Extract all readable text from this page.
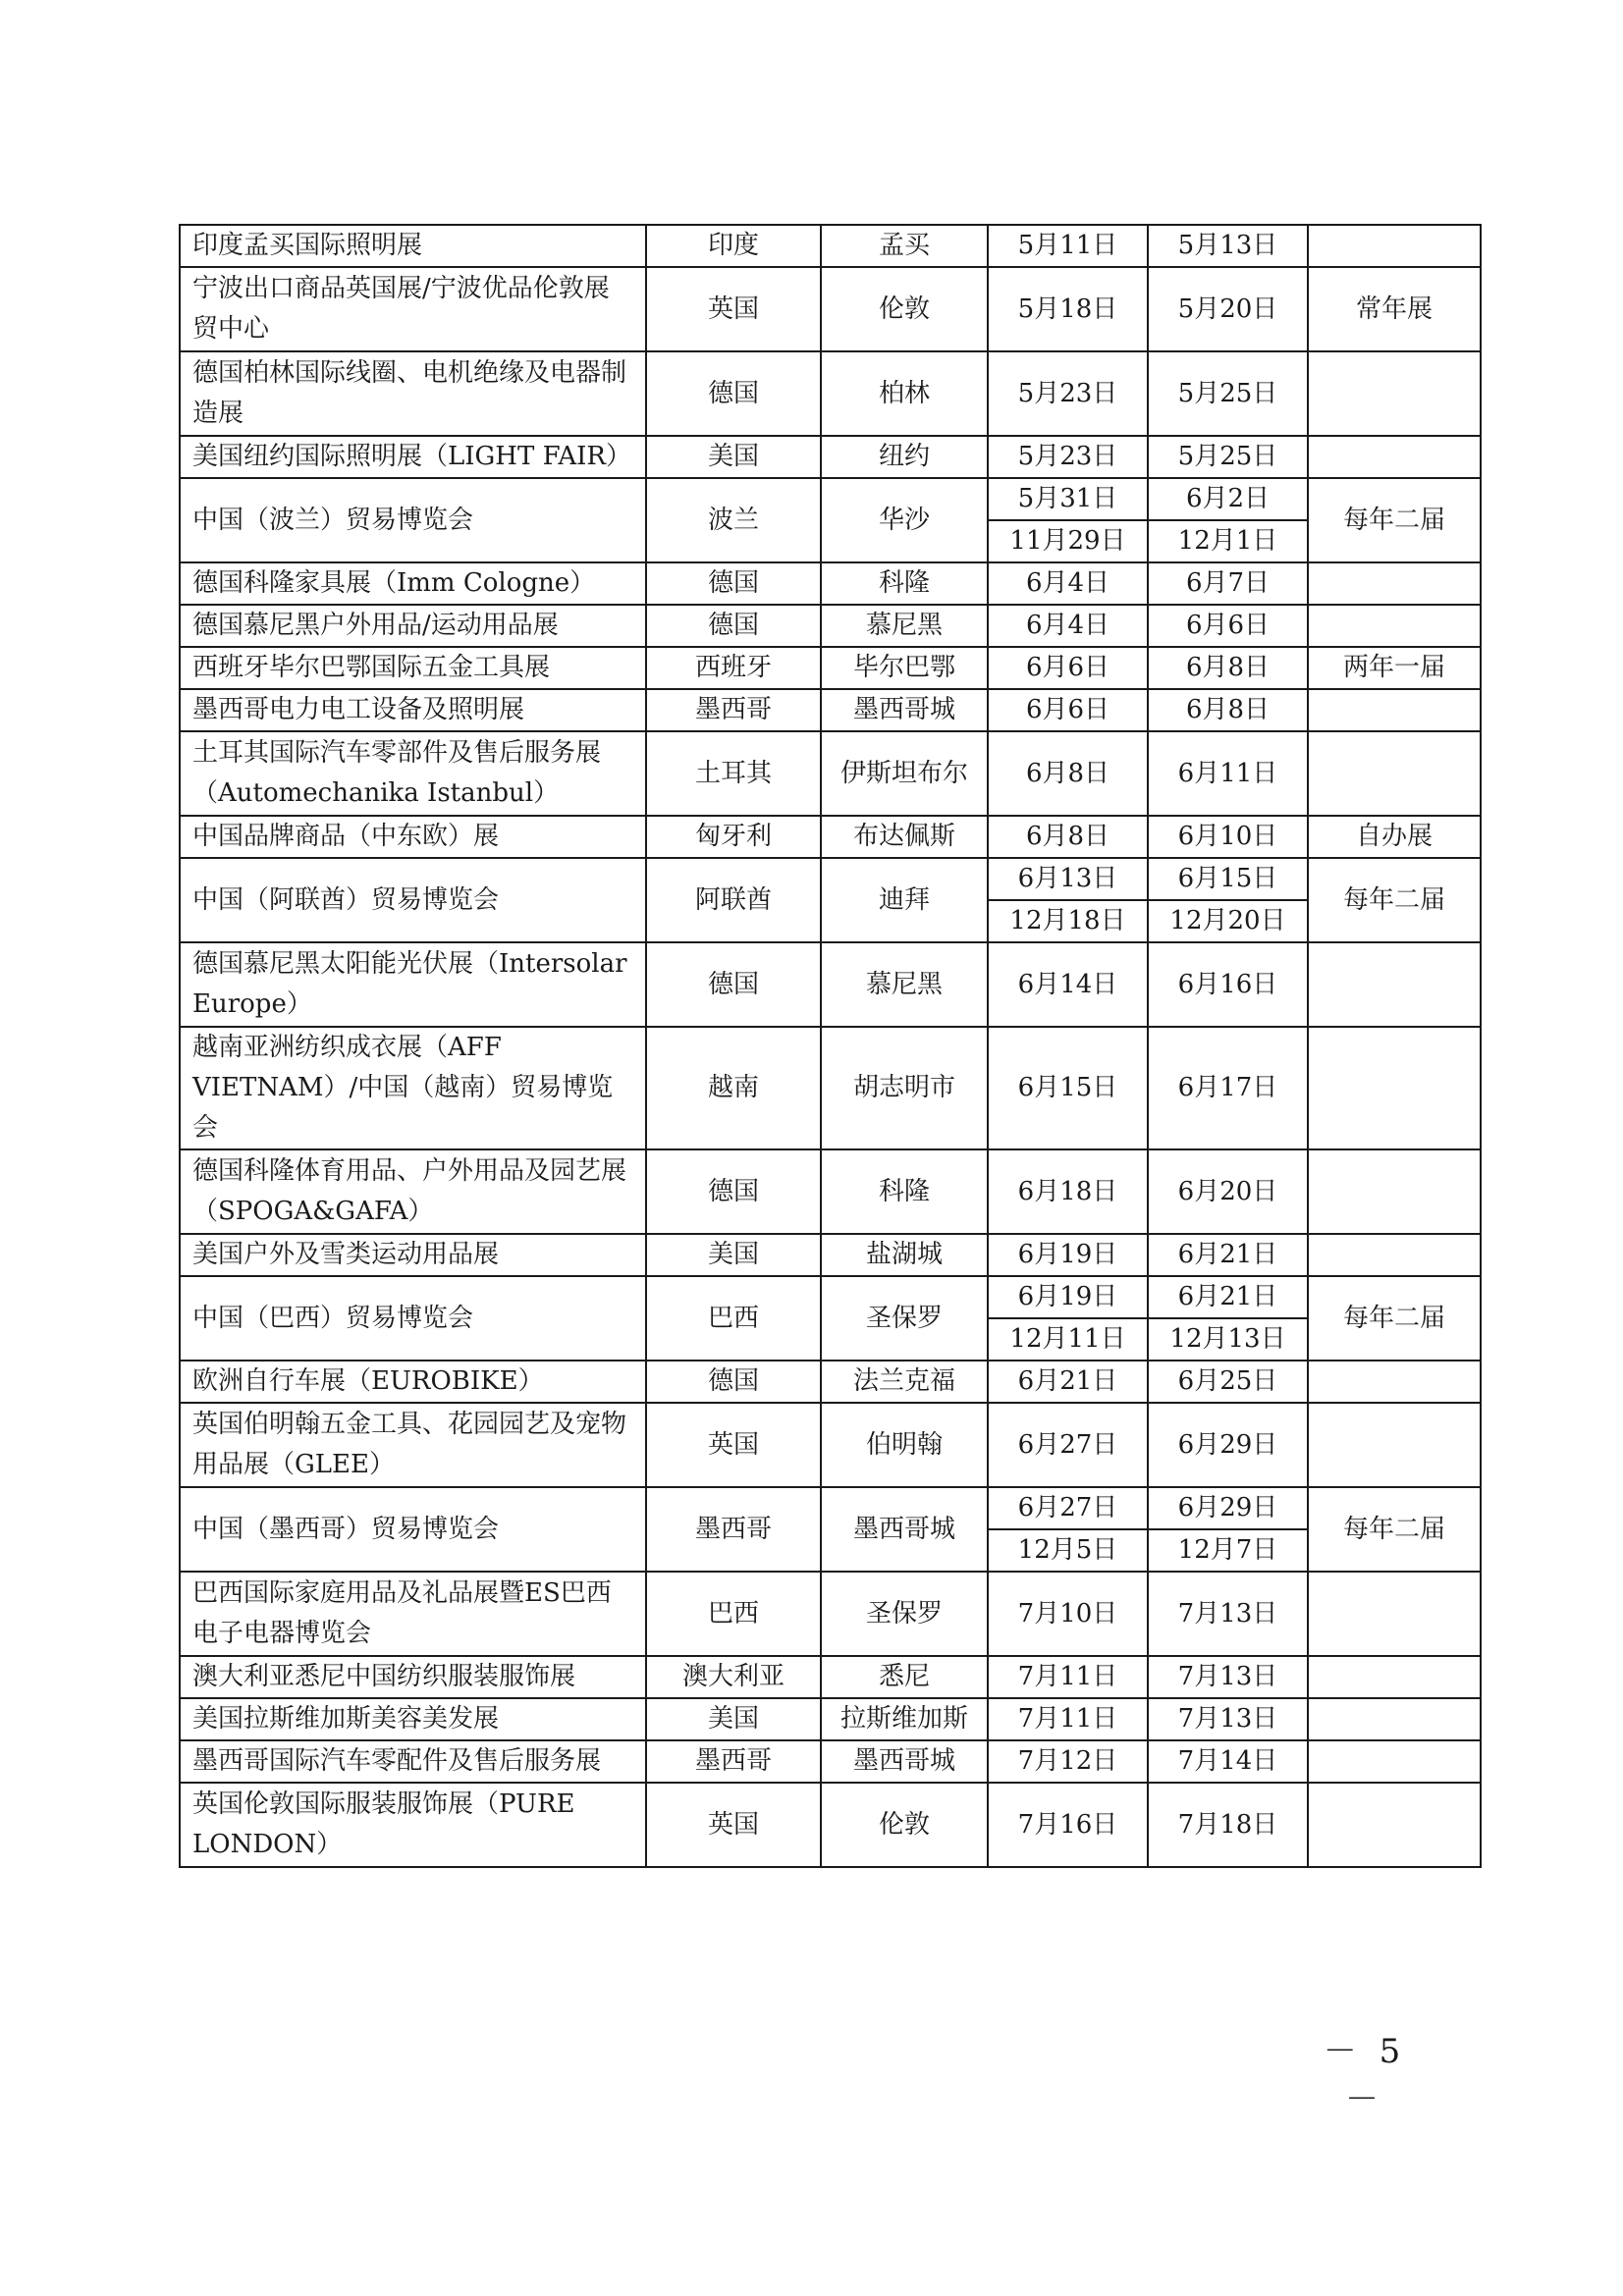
印度孟买国际照明展	印度	孟买	5月11日	5月13日	
宁波出口商品英国展/宁波优品伦敦展贸中心	英国	伦敦	5月18日	5月20日	常年展
德国柏林国际线圈、电机绝缘及电器制造展	德国	柏林	5月23日	5月25日	
美国纽约国际照明展（LIGHT FAIR）	美国	纽约	5月23日	5月25日	
中国（波兰）贸易博览会	波兰	华沙	5月31日	6月2日	每年二届
			11月29日	12月1日	
德国科隆家具展（Imm Cologne）	德国	科隆	6月4日	6月7日	
德国慕尼黑户外用品/运动用品展	德国	慕尼黑	6月4日	6月6日	
西班牙毕尔巴鄂国际五金工具展	西班牙	毕尔巴鄂	6月6日	6月8日	两年一届
墨西哥电力电工设备及照明展	墨西哥	墨西哥城	6月6日	6月8日	
土耳其国际汽车零部件及售后服务展（Automechanika Istanbul）	土耳其	伊斯坦布尔	6月8日	6月11日	
中国品牌商品（中东欧）展	匈牙利	布达佩斯	6月8日	6月10日	自办展
中国（阿联酋）贸易博览会	阿联酋	迪拜	6月13日	6月15日	每年二届
			12月18日	12月20日	
德国慕尼黑太阳能光伏展（Intersolar Europe）	德国	慕尼黑	6月14日	6月16日	
越南亚洲纺织成衣展（AFF VIETNAM）/中国（越南）贸易博览会	越南	胡志明市	6月15日	6月17日	
德国科隆体育用品、户外用品及园艺展（SPOGA&GAFA）	德国	科隆	6月18日	6月20日	
美国户外及雪类运动用品展	美国	盐湖城	6月19日	6月21日	
中国（巴西）贸易博览会	巴西	圣保罗	6月19日	6月21日	每年二届
			12月11日	12月13日	
欧洲自行车展（EUROBIKE）	德国	法兰克福	6月21日	6月25日	
英国伯明翰五金工具、花园园艺及宠物用品展（GLEE）	英国	伯明翰	6月27日	6月29日	
中国（墨西哥）贸易博览会	墨西哥	墨西哥城	6月27日	6月29日	每年二届
			12月5日	12月7日	
巴西国际家庭用品及礼品展暨ES巴西电子电器博览会	巴西	圣保罗	7月10日	7月13日	
澳大利亚悉尼中国纺织服装服饰展	澳大利亚	悉尼	7月11日	7月13日	
美国拉斯维加斯美容美发展	美国	拉斯维加斯	7月11日	7月13日	
墨西哥国际汽车零配件及售后服务展	墨西哥	墨西哥城	7月12日	7月14日	
英国伦敦国际服装服饰展（PURE LONDON）	英国	伦敦	7月16日	7月18日	
－ 5 －
